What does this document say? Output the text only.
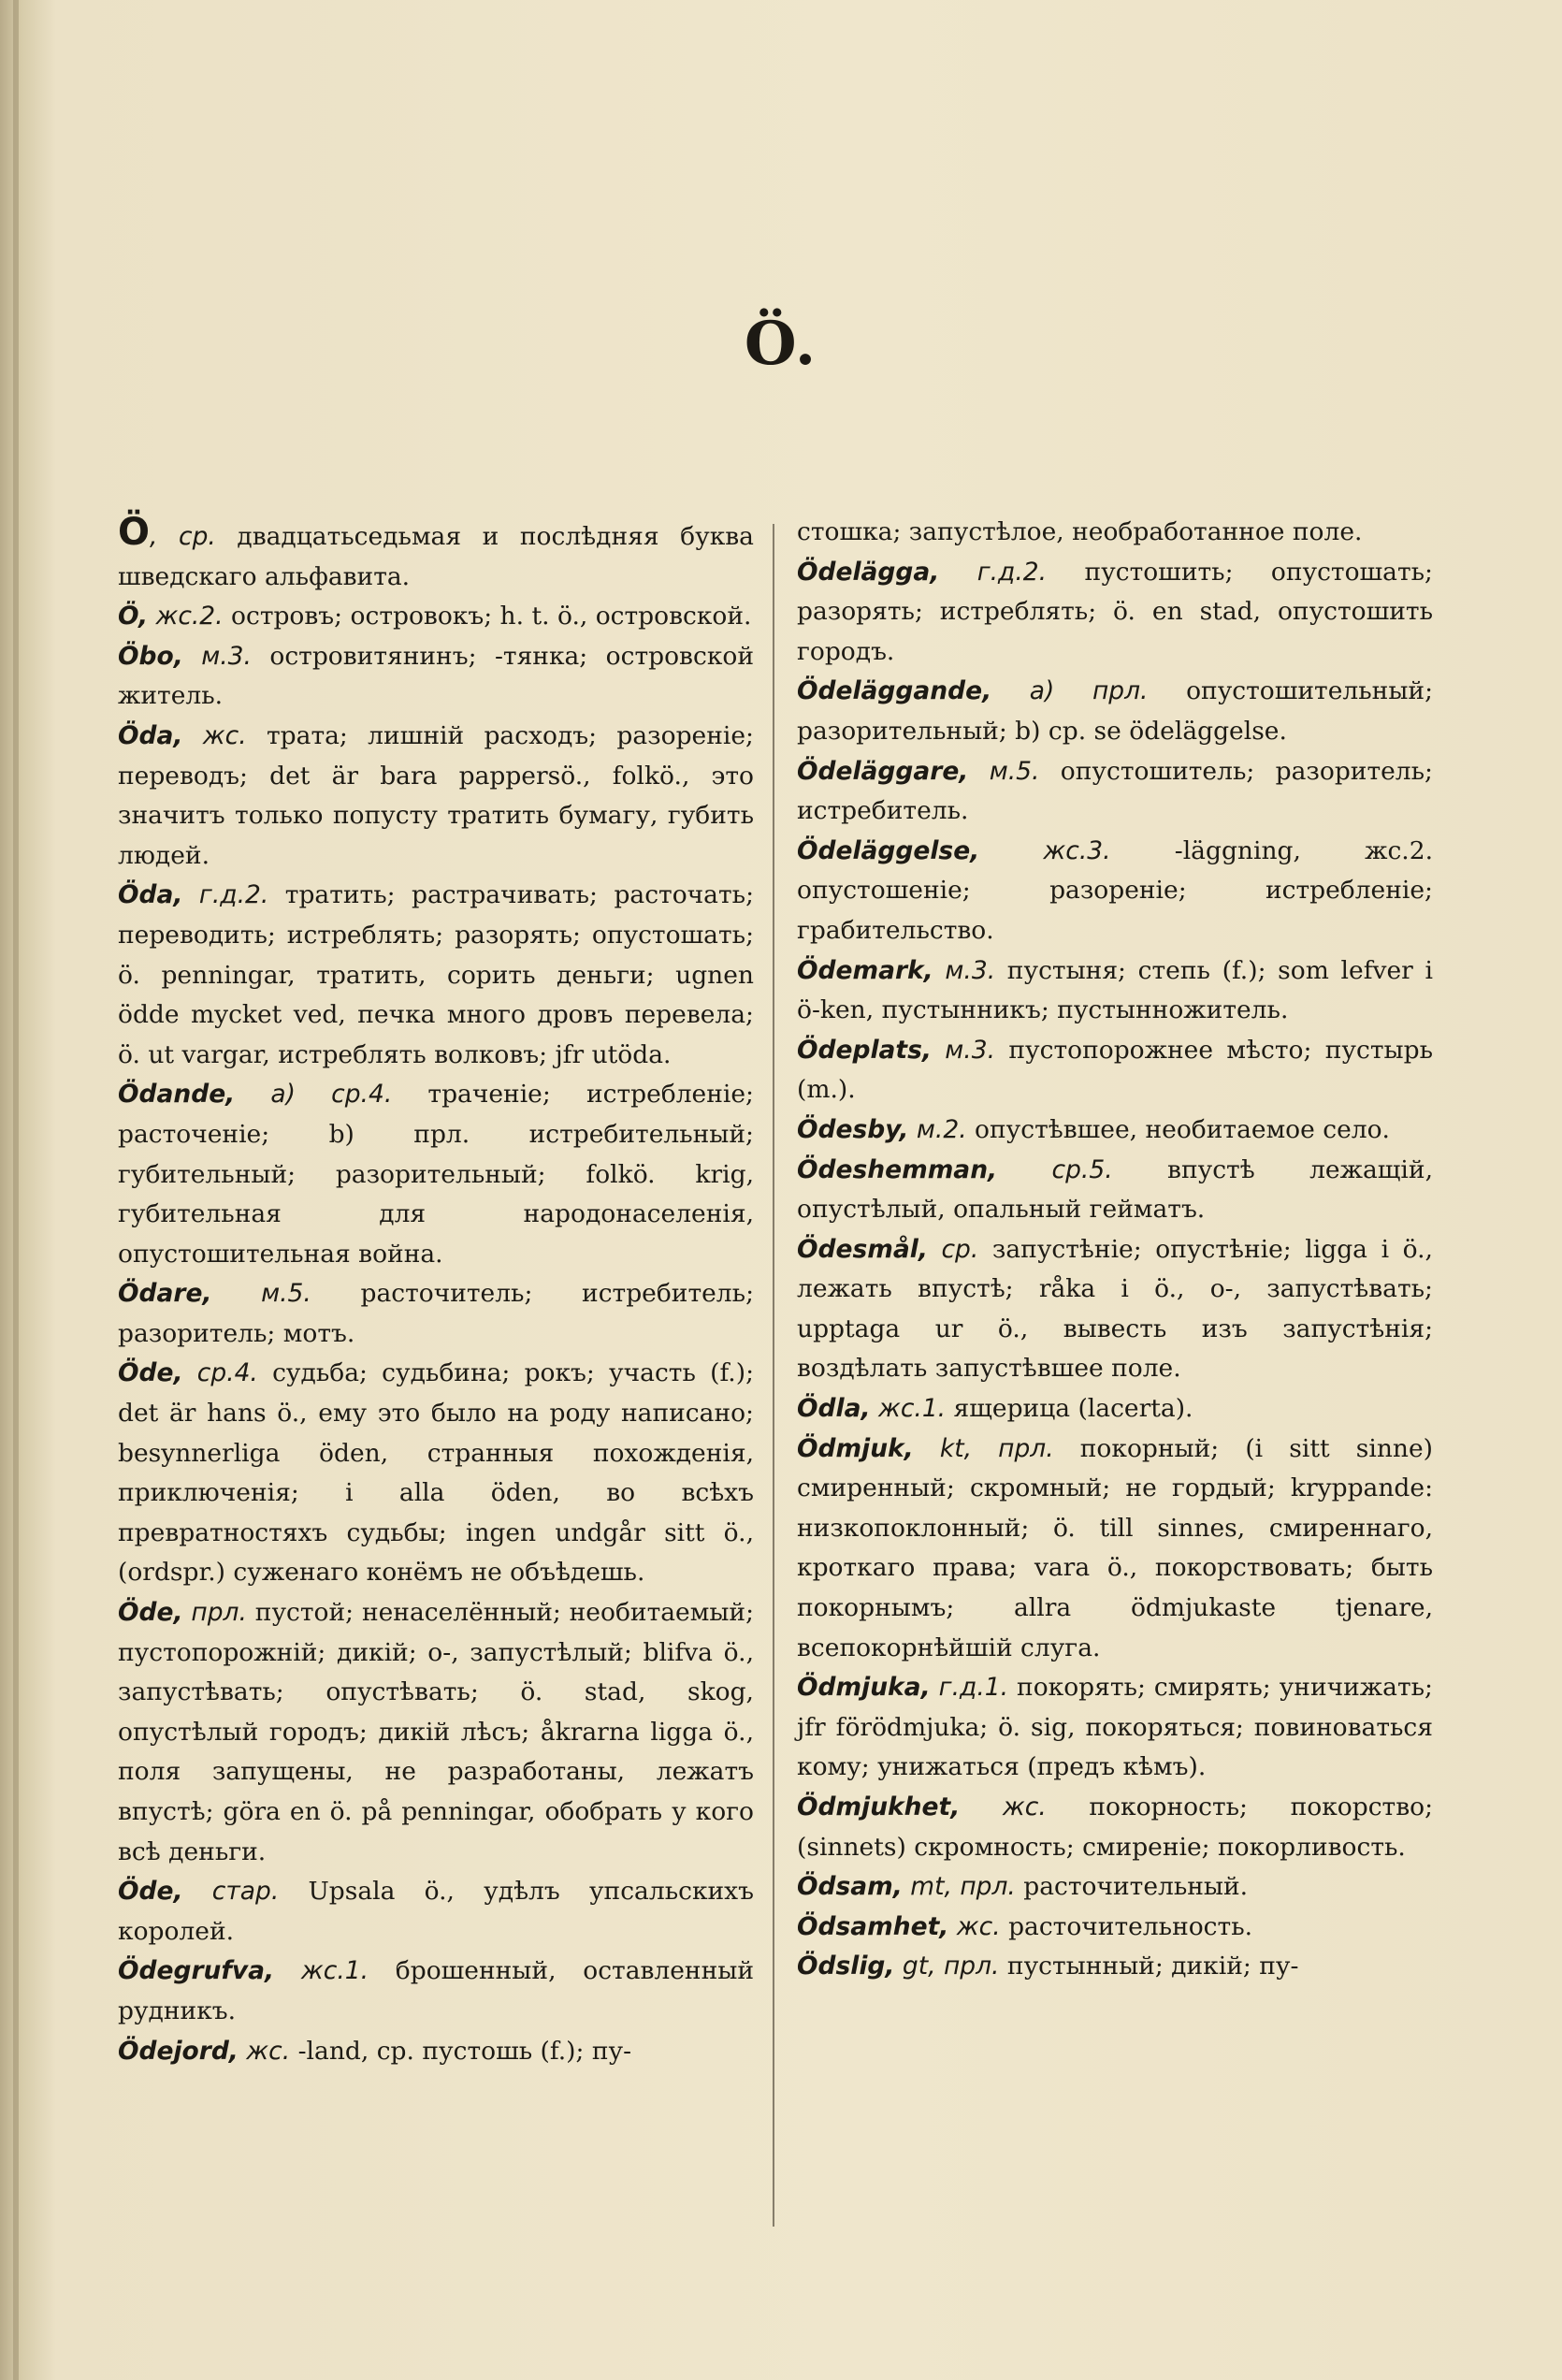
Ö.

Ö, ср. двадцатьседьмая и послѣдняя буква шведскаго альфавита.

Ö, жс.2. островъ; островокъ; h. t. ö., островской.

Öbo, м.3. островитянинъ; -тянка; островской житель.

Öda, жс. трата; лишній расходъ; разореніе; переводъ; det är bara pappersö., folkö., это значитъ только попусту тратить бумагу, губить людей.

Öda, г.д.2. тратить; растрачивать; расточать; переводить; истреблять; разорять; опустошать; ö. penningar, тратить, сорить деньги; ugnen ödde mycket ved, печка много дровъ перевела; ö. ut vargar, истреблять волковъ; jfr utöda.

Ödande, а) ср.4. траченіе; истребленіе; расточеніе; b) прл. истребительный; губительный; разорительный; folkö. krig, губительная для народонаселенія, опустошительная война.

Ödare, м.5. расточитель; истребитель; разоритель; мотъ.

Öde, ср.4. судьба; судьбина; рокъ; участь (f.); det är hans ö., ему это было на роду написано; besynnerliga öden, странныя похожденія, приключенія; i alla öden, во всѣхъ превратностяхъ судьбы; ingen undgår sitt ö., (ordspr.) суженаго конёмъ не объѣдешь.

Öde, прл. пустой; ненаселённый; необитаемый; пустопорожній; дикій; о-, запустѣлый; blifva ö., запустѣвать; опустѣвать; ö. stad, skog, опустѣлый городъ; дикій лѣсъ; åkrarna ligga ö., поля запущены, не разработаны, лежатъ впустѣ; göra en ö. på penningar, обобрать у кого всѣ деньги.

Öde, стар. Upsala ö., удѣлъ упсальскихъ королей.

Ödegrufva, жс.1. брошенный, оставленный рудникъ.

Ödejord, жс. -land, ср. пустошь (f.); пу-

стошка; запустѣлое, необработанное поле.

Ödelägga, г.д.2. пустошить; опустошать; разорять; истреблять; ö. en stad, опустошить городъ.

Ödeläggande, а) прл. опустошительный; разорительный; b) ср. se ödeläggelse.

Ödeläggare, м.5. опустошитель; разоритель; истребитель.

Ödeläggelse, жс.3. -läggning, жс.2. опустошеніе; разореніе; истребленіе; грабительство.

Ödemark, м.3. пустыня; степь (f.); som lefver i ö-ken, пустынникъ; пустынножитель.

Ödeplats, м.3. пустопорожнее мѣсто; пустырь (m.).

Ödesby, м.2. опустѣвшее, необитаемое село.

Ödeshemman, ср.5. впустѣ лежащій, опустѣлый, опальный гейматъ.

Ödesmål, ср. запустѣніе; опустѣніе; ligga i ö., лежать впустѣ; råka i ö., о-, запустѣвать; upptaga ur ö., вывесть изъ запустѣнія; воздѣлать запустѣвшее поле.

Ödla, жс.1. ящерица (lacerta).

Ödmjuk, kt, прл. покорный; (i sitt sinne) смиренный; скромный; не гордый; kryppande: низкопоклонный; ö. till sinnes, смиреннаго, кроткаго права; vara ö., покорствовать; быть покорнымъ; allra ödmjukaste tjenare, всепокорнѣйшій слуга.

Ödmjuka, г.д.1. покорять; смирять; уничижать; jfr förödmjuka; ö. sig, покоряться; повиноваться кому; унижаться (предъ кѣмъ).

Ödmjukhet, жс. покорность; покорство; (sinnets) скромность; смиреніе; покорливость.

Ödsam, mt, прл. расточительный.

Ödsamhet, жс. расточительность.

Ödslig, gt, прл. пустынный; дикій; пу-
